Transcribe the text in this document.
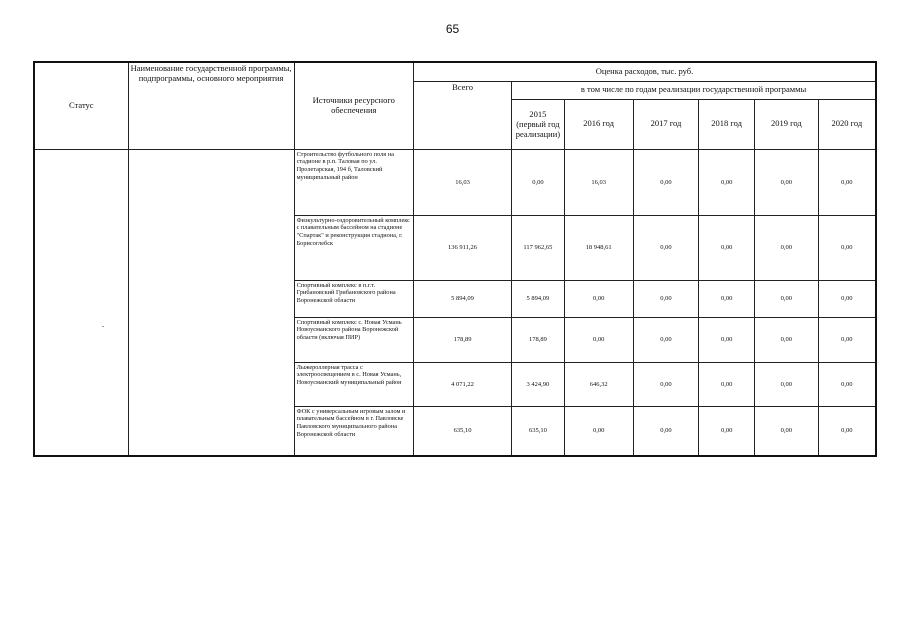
65
Статус	Наименование государственной программы, подпрограммы, основного мероприятия	Источники ресурсного обеспечения	Оценка расходов, тыс. руб.						
			Всего	в том числе по годам реализации государственной программы					
				2015 (первый год реализации)	2016 год	2017 год	2018 год	2019 год	2020 год
		Строительство футбольного поля на стадионе в р.п. Таловая по ул. Пролетарская, 194 б, Таловский муниципальный район	16,03	0,00	16,03	0,00	0,00	0,00	0,00
		Физкультурно-оздоровительный комплекс с плавательным бассейном на стадионе "Спартак" и реконструкция стадиона, г. Борисоглебск	136 911,26	117 962,65	18 948,61	0,00	0,00	0,00	0,00
		Спортивный комплекс в п.г.т. Грибановский Грибановского района Воронежской области	5 894,09	5 894,09	0,00	0,00	0,00	0,00	0,00
		Спортивный комплекс с. Новая Усмань Новоусманского района Воронежской области (включая ПИР)	178,89	178,89	0,00	0,00	0,00	0,00	0,00
		Лыжероллерная трасса с электроосвещением в с. Новая Усмань, Новоусманский муниципальный район	4 071,22	3 424,90	646,32	0,00	0,00	0,00	0,00
		ФОК с универсальным игровым залом и плавательным бассейном в г. Павловске Павловского муниципального района Воронежской области	635,10	635,10	0,00	0,00	0,00	0,00	0,00
